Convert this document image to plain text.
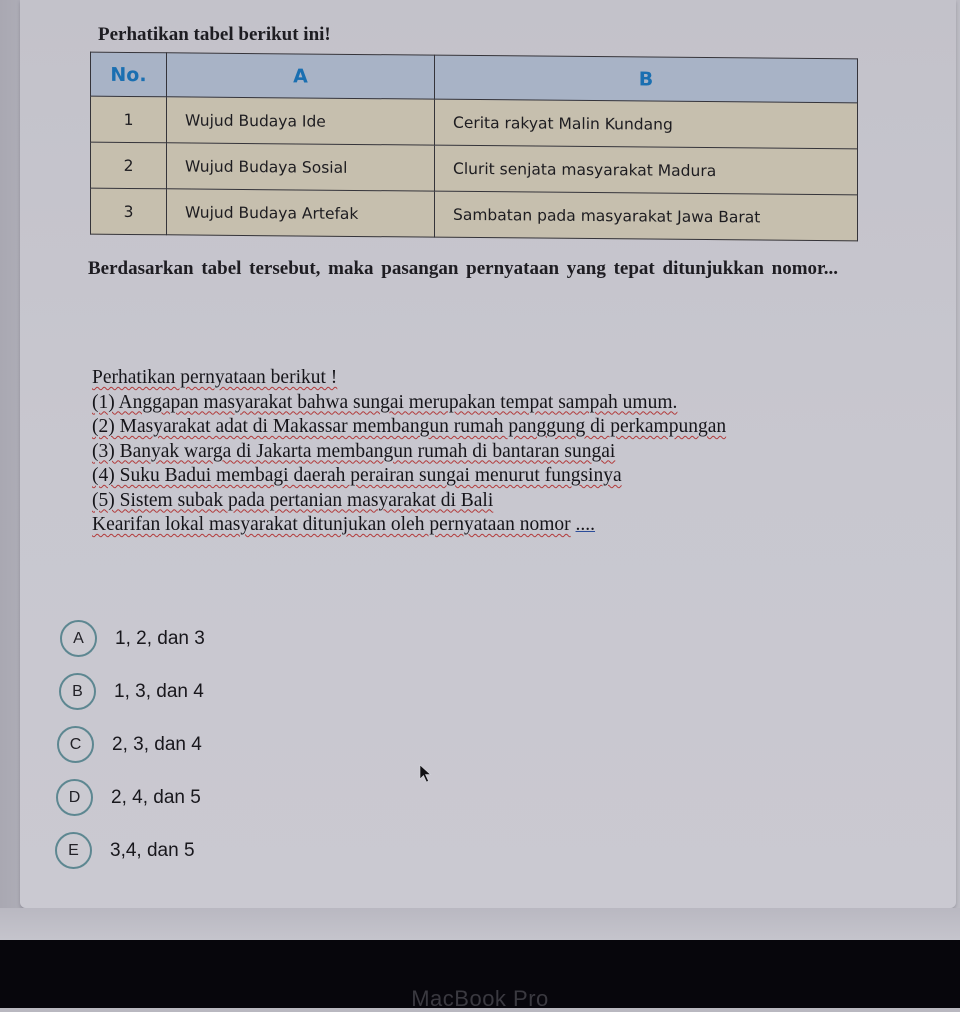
Perhatikan tabel berikut ini!
No.	A	B
1	Wujud Budaya Ide	Cerita rakyat Malin Kundang
2	Wujud Budaya Sosial	Clurit senjata masyarakat Madura
3	Wujud Budaya Artefak	Sambatan pada masyarakat Jawa Barat
Berdasarkan tabel tersebut, maka pasangan pernyataan yang tepat ditunjukkan nomor...
Perhatikan pernyataan berikut !
(1) Anggapan masyarakat bahwa sungai merupakan tempat sampah umum.
(2) Masyarakat adat di Makassar membangun rumah panggung di perkampungan
(3) Banyak warga di Jakarta membangun rumah di bantaran sungai
(4) Suku Badui membagi daerah perairan sungai menurut fungsinya
(5) Sistem subak pada pertanian masyarakat di Bali
Kearifan lokal masyarakat ditunjukan oleh pernyataan nomor ....
A	1, 2, dan 3
B	1, 3, dan 4
C	2, 3, dan 4
D	2, 4, dan 5
E	3,4, dan 5
MacBook Pro
